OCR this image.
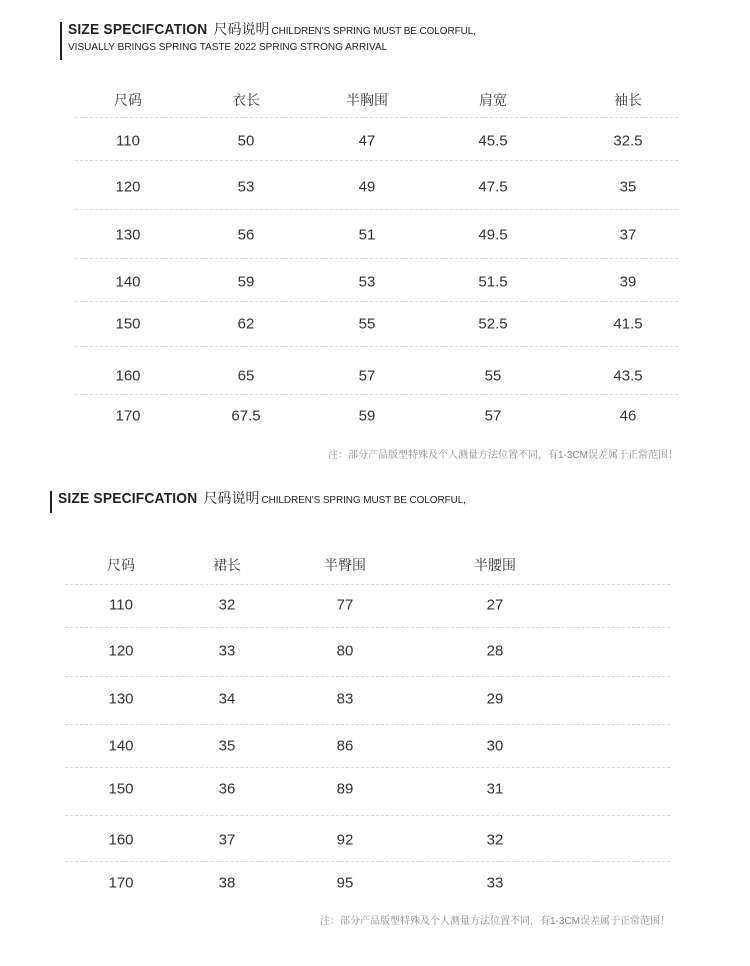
SIZE SPECIFCATION 尺码说明 CHILDREN'S SPRING MUST BE COLORFUL,
VISUALLY BRINGS SPRING TASTE 2022 SPRING STRONG ARRIVAL
尺码	衣长	半胸围	肩宽	袖长
110	50	47	45.5	32.5
120	53	49	47.5	35
130	56	51	49.5	37
140	59	53	51.5	39
150	62	55	52.5	41.5
160	65	57	55	43.5
170	67.5	59	57	46
注：部分产品版型特殊及个人测量方法位置不同，有1-3CM误差属于正常范围！
SIZE SPECIFCATION 尺码说明 CHILDREN'S SPRING MUST BE COLORFUL,
尺码	裙长	半臀围	半腰围
110	32	77	27
120	33	80	28
130	34	83	29
140	35	86	30
150	36	89	31
160	37	92	32
170	38	95	33
注：部分产品版型特殊及个人测量方法位置不同，有1-3CM误差属于正常范围！
